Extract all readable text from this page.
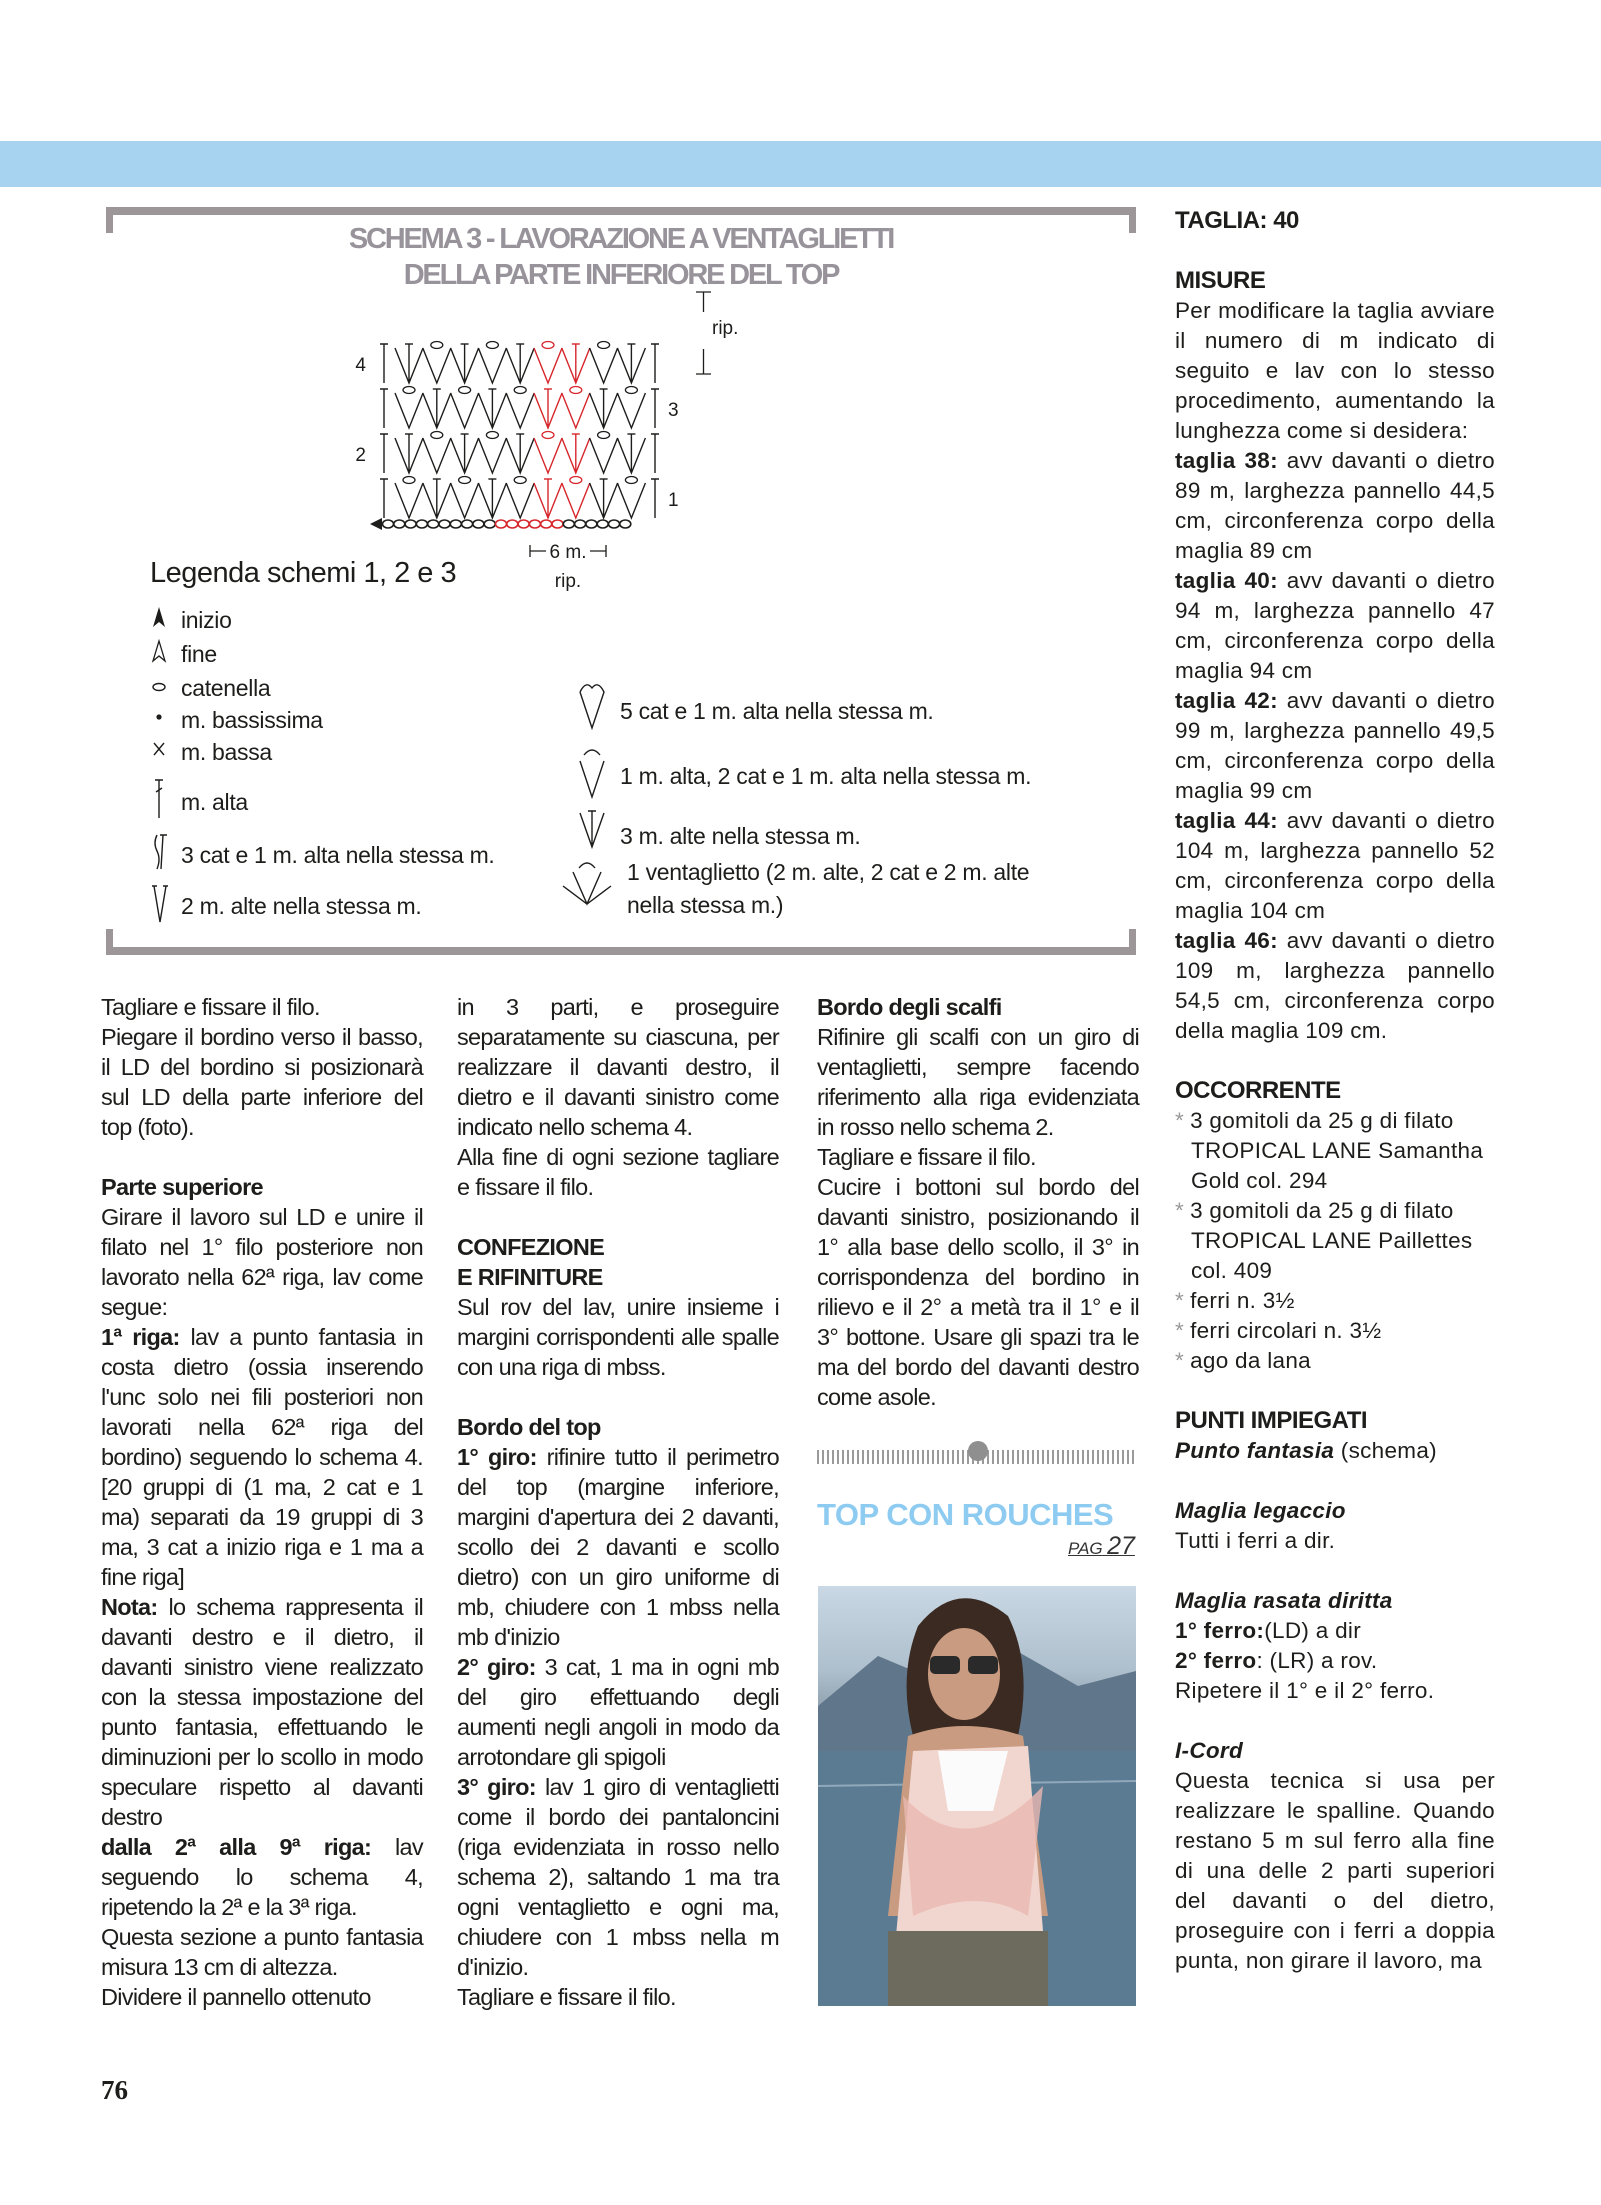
SCHEMA 3 - LAVORAZIONE A VENTAGLIETTI
DELLA PARTE INFERIORE DEL TOP
1
2
3
4
rip.
6 m.
rip.
Legenda schemi 1, 2 e 3
inizio
fine
catenella
m. bassissima
m. bassa
m. alta
3 cat e 1 m. alta nella stessa m.
2 m. alte nella stessa m.
5 cat e 1 m. alta nella stessa m.
1 m. alta, 2 cat e 1 m. alta nella stessa m.
3 m. alte nella stessa m.
1 ventaglietto (2 m. alte, 2 cat e 2 m. alte
nella stessa m.)

Tagliare e fissare il filo.

Piegare il bordino verso il basso, il LD del bordino si posizionarà sul LD della parte inferiore del top (foto).

Parte superiore

Girare il lavoro sul LD e unire il filato nel 1° filo posteriore non lavorato nella 62ª riga, lav come segue:

1ª riga: lav a punto fantasia in costa dietro (ossia inserendo l'unc solo nei fili posteriori non lavorati nella 62ª riga del bordino) seguendo lo schema 4. [20 gruppi di (1 ma, 2 cat e 1 ma) separati da 19 gruppi di 3 ma, 3 cat a inizio riga e 1 ma a fine riga]

Nota: lo schema rappresenta il davanti destro e il dietro, il davanti sinistro viene realizzato con la stessa impostazione del punto fantasia, effettuando le diminuzioni per lo scollo in modo speculare rispetto al davanti destro

dalla 2ª alla 9ª riga: lav seguendo lo schema 4, ripetendo la 2ª e la 3ª riga.

Questa sezione a punto fantasia misura 13 cm di altezza.

Dividere il pannello ottenuto

in 3 parti, e proseguire separatamente su ciascuna, per realizzare il davanti destro, il dietro e il davanti sinistro come indicato nello schema 4.

Alla fine di ogni sezione tagliare e fissare il filo.

CONFEZIONE

E RIFINITURE

Sul rov del lav, unire insieme i margini corrispondenti alle spalle con una riga di mbss.

Bordo del top

1° giro: rifinire tutto il perimetro del top (margine inferiore, margini d'apertura dei 2 davanti, scollo dei 2 davanti e scollo dietro) con un giro uniforme di mb, chiudere con 1 mbss nella mb d'inizio

2° giro: 3 cat, 1 ma in ogni mb del giro effettuando degli aumenti negli angoli in modo da arrotondare gli spigoli

3° giro: lav 1 giro di ventaglietti come il bordo dei pantaloncini (riga evidenziata in rosso nello schema 2), saltando 1 ma tra ogni ventaglietto e ogni ma, chiudere con 1 mbss nella m d'inizio.

Tagliare e fissare il filo.

Bordo degli scalfi

Rifinire gli scalfi con un giro di ventaglietti, sempre facendo riferimento alla riga evidenziata in rosso nello schema 2.

Tagliare e fissare il filo.

Cucire i bottoni sul bordo del davanti sinistro, posizionando il 1° alla base dello scollo, il 3° in corrispondenza del bordino in rilievo e il 2° a metà tra il 1° e il 3° bottone. Usare gli spazi tra le ma del bordo del davanti destro come asole.

TOP CON ROUCHES
PAG 27

TAGLIA: 40

MISURE

Per modificare la taglia avviare il numero di m indicato di seguito e lav con lo stesso procedimento, aumentando la lunghezza come si desidera:

taglia 38: avv davanti o dietro 89 m, larghezza pannello 44,5 cm, circonferenza corpo della maglia 89 cm

taglia 40: avv davanti o dietro 94 m, larghezza pannello 47 cm, circonferenza corpo della maglia 94 cm

taglia 42: avv davanti o dietro 99 m, larghezza pannello 49,5 cm, circonferenza corpo della maglia 99 cm

taglia 44: avv davanti o dietro 104 m, larghezza pannello 52 cm, circonferenza corpo della maglia 104 cm

taglia 46: avv davanti o dietro 109 m, larghezza pannello 54,5 cm, circonferenza corpo della maglia 109 cm.

OCCORRENTE

* 3 gomitoli da 25 g di filato TROPICAL LANE Samantha Gold col. 294

* 3 gomitoli da 25 g di filato TROPICAL LANE Paillettes col. 409

* ferri n. 3½

* ferri circolari n. 3½

* ago da lana

PUNTI IMPIEGATI

Punto fantasia (schema)

Maglia legaccio

Tutti i ferri a dir.

Maglia rasata diritta

1° ferro:(LD) a dir

2° ferro: (LR) a rov.

Ripetere il 1° e il 2° ferro.

I-Cord

Questa tecnica si usa per realizzare le spalline. Quando restano 5 m sul ferro alla fine di una delle 2 parti superiori del davanti o del dietro, proseguire con i ferri a doppia punta, non girare il lavoro, ma

76
